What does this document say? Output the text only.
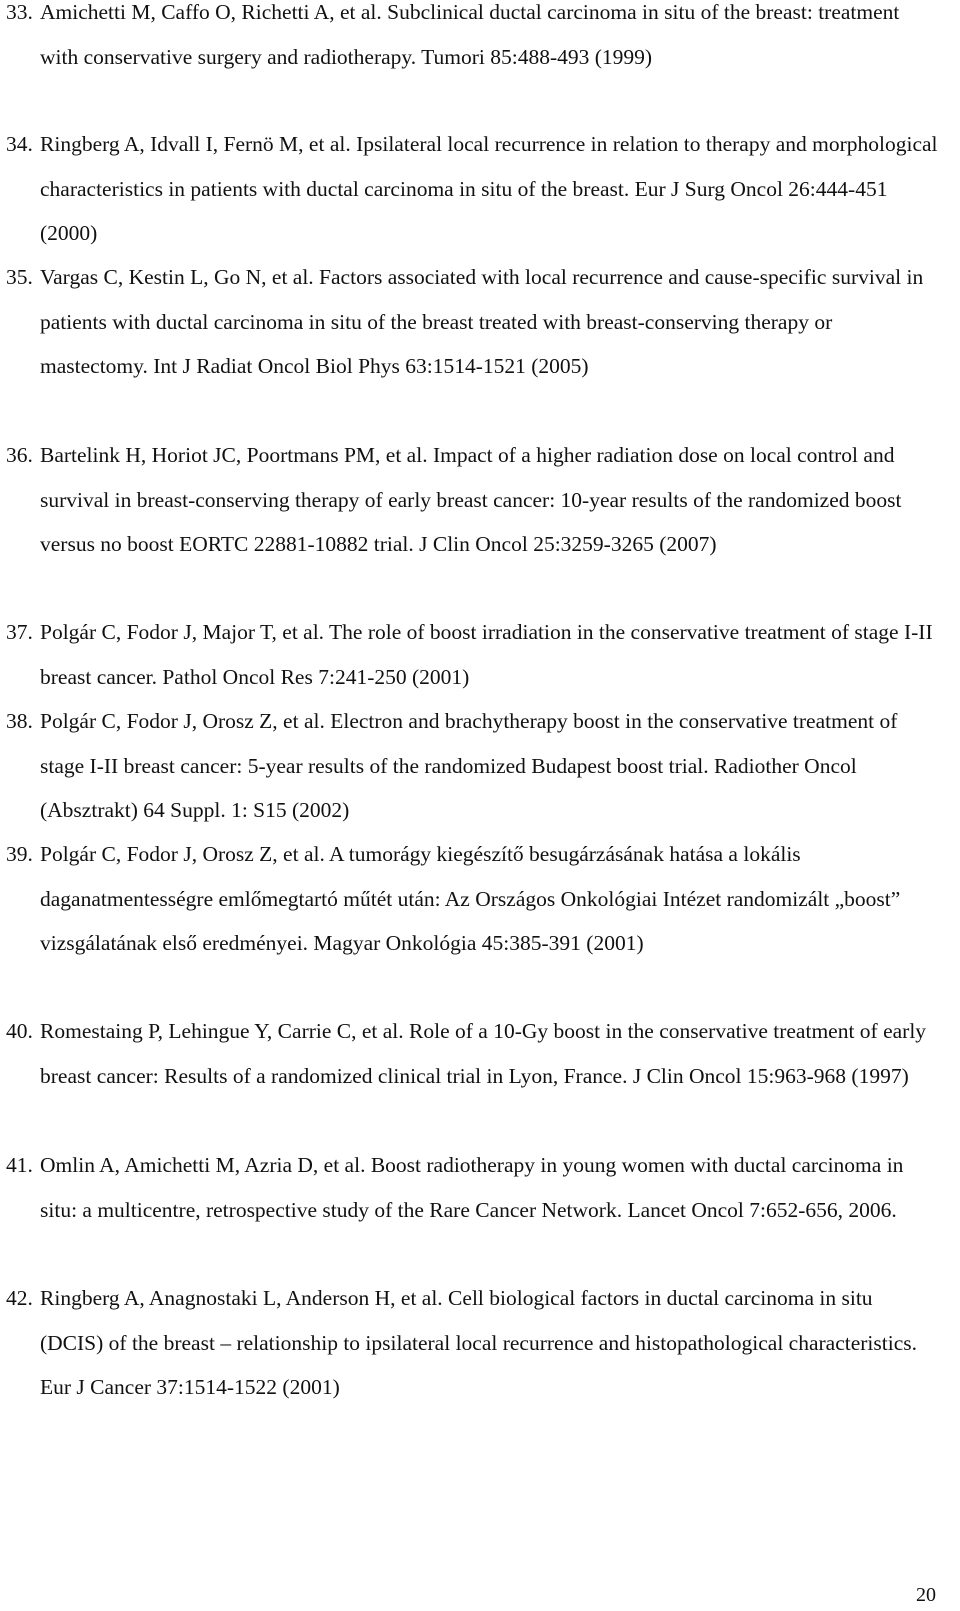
33. Amichetti M, Caffo O, Richetti A, et al. Subclinical ductal carcinoma in situ of the breast: treatment with conservative surgery and radiotherapy. Tumori 85:488-493 (1999)
34. Ringberg A, Idvall I, Fernö M, et al. Ipsilateral local recurrence in relation to therapy and morphological characteristics in patients with ductal carcinoma in situ of the breast. Eur J Surg Oncol 26:444-451 (2000)
35. Vargas C, Kestin L, Go N, et al. Factors associated with local recurrence and cause-specific survival in patients with ductal carcinoma in situ of the breast treated with breast-conserving therapy or mastectomy. Int J Radiat Oncol Biol Phys 63:1514-1521 (2005)
36. Bartelink H, Horiot JC, Poortmans PM, et al. Impact of a higher radiation dose on local control and survival in breast-conserving therapy of early breast cancer: 10-year results of the randomized boost versus no boost EORTC 22881-10882 trial. J Clin Oncol 25:3259-3265 (2007)
37. Polgár C, Fodor J, Major T, et al. The role of boost irradiation in the conservative treatment of stage I-II breast cancer. Pathol Oncol Res 7:241-250 (2001)
38. Polgár C, Fodor J, Orosz Z, et al. Electron and brachytherapy boost in the conservative treatment of stage I-II breast cancer: 5-year results of the randomized Budapest boost trial. Radiother Oncol (Absztrakt) 64 Suppl. 1: S15 (2002)
39. Polgár C, Fodor J, Orosz Z, et al. A tumorágy kiegészítő besugárzásának hatása a lokális daganatmentességre emlőmegtartó műtét után: Az Országos Onkológiai Intézet randomizált „boost” vizsgálatának első eredményei. Magyar Onkológia 45:385-391 (2001)
40. Romestaing P, Lehingue Y, Carrie C, et al. Role of a 10-Gy boost in the conservative treatment of early breast cancer: Results of a randomized clinical trial in Lyon, France. J Clin Oncol 15:963-968 (1997)
41. Omlin A, Amichetti M, Azria D, et al. Boost radiotherapy in young women with ductal carcinoma in situ: a multicentre, retrospective study of the Rare Cancer Network. Lancet Oncol 7:652-656, 2006.
42. Ringberg A, Anagnostaki L, Anderson H, et al. Cell biological factors in ductal carcinoma in situ (DCIS) of the breast – relationship to ipsilateral local recurrence and histopathological characteristics. Eur J Cancer 37:1514-1522 (2001)
20
